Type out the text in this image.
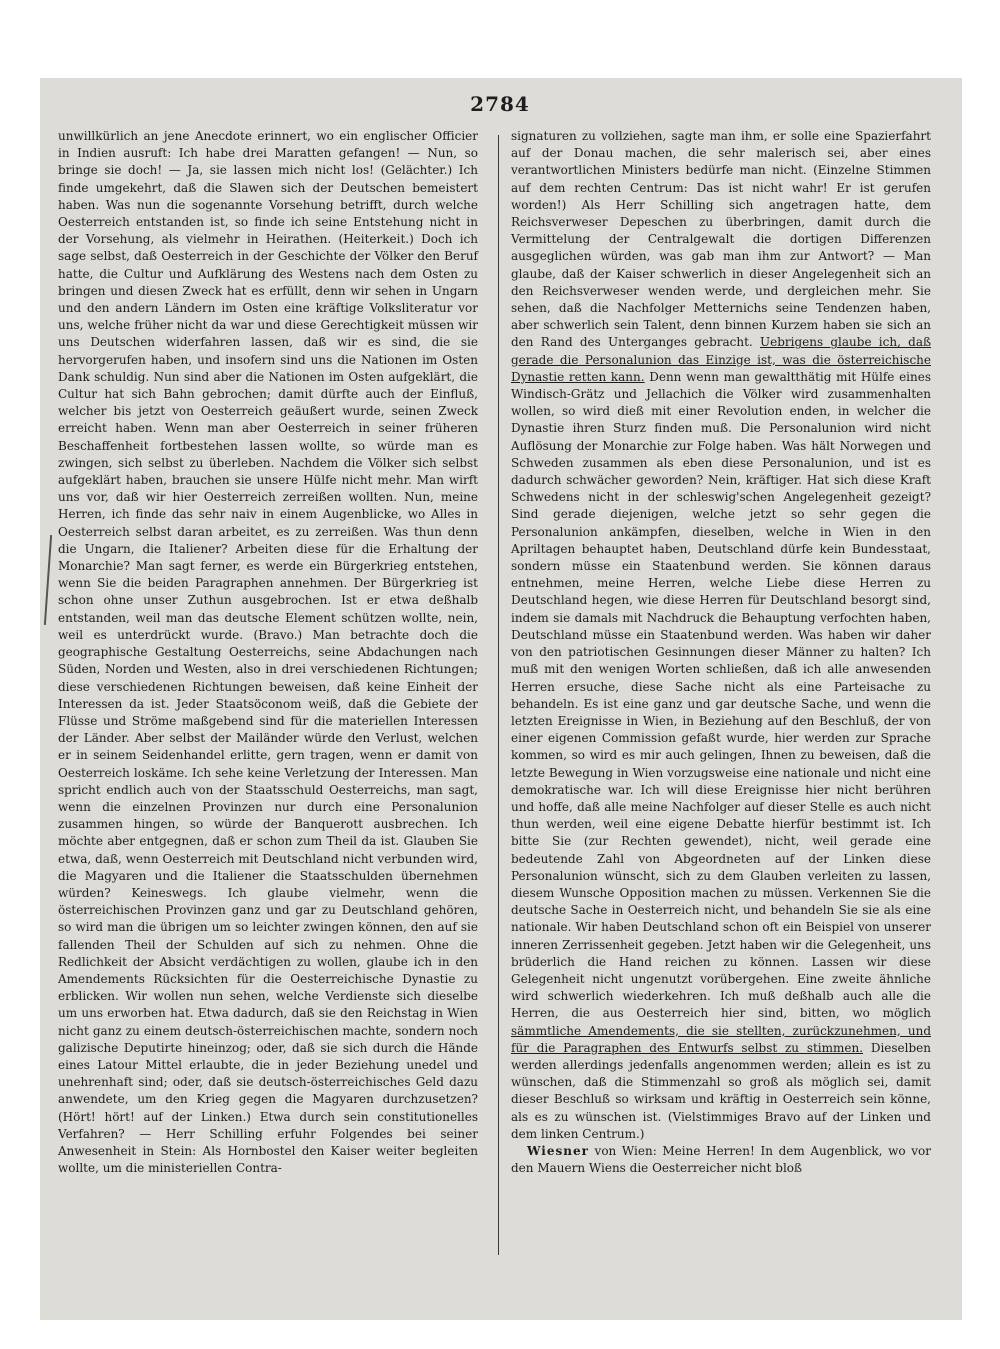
2784

unwillkürlich an jene Anecdote erinnert, wo ein englischer Officier in Indien ausruft: Ich habe drei Maratten gefangen! — Nun, so bringe sie doch! — Ja, sie lassen mich nicht los! (Gelächter.) Ich finde umgekehrt, daß die Slawen sich der Deutschen bemeistert haben. Was nun die sogenannte Vorsehung betrifft, durch welche Oesterreich entstanden ist, so finde ich seine Entstehung nicht in der Vorsehung, als vielmehr in Heirathen. (Heiterkeit.) Doch ich sage selbst, daß Oesterreich in der Geschichte der Völker den Beruf hatte, die Cultur und Aufklärung des Westens nach dem Osten zu bringen und diesen Zweck hat es erfüllt, denn wir sehen in Ungarn und den andern Ländern im Osten eine kräftige Volksliteratur vor uns, welche früher nicht da war und diese Gerechtigkeit müssen wir uns Deutschen widerfahren lassen, daß wir es sind, die sie hervorgerufen haben, und insofern sind uns die Nationen im Osten Dank schuldig. Nun sind aber die Nationen im Osten aufgeklärt, die Cultur hat sich Bahn gebrochen; damit dürfte auch der Einfluß, welcher bis jetzt von Oesterreich geäußert wurde, seinen Zweck erreicht haben. Wenn man aber Oesterreich in seiner früheren Beschaffenheit fortbestehen lassen wollte, so würde man es zwingen, sich selbst zu überleben. Nachdem die Völker sich selbst aufgeklärt haben, brauchen sie unsere Hülfe nicht mehr. Man wirft uns vor, daß wir hier Oesterreich zerreißen wollten. Nun, meine Herren, ich finde das sehr naiv in einem Augenblicke, wo Alles in Oesterreich selbst daran arbeitet, es zu zerreißen. Was thun denn die Ungarn, die Italiener? Arbeiten diese für die Erhaltung der Monarchie? Man sagt ferner, es werde ein Bürgerkrieg entstehen, wenn Sie die beiden Paragraphen annehmen. Der Bürgerkrieg ist schon ohne unser Zuthun ausgebrochen. Ist er etwa deßhalb entstanden, weil man das deutsche Element schützen wollte, nein, weil es unterdrückt wurde. (Bravo.) Man betrachte doch die geographische Gestaltung Oesterreichs, seine Abdachungen nach Süden, Norden und Westen, also in drei verschiedenen Richtungen; diese verschiedenen Richtungen beweisen, daß keine Einheit der Interessen da ist. Jeder Staatsöconom weiß, daß die Gebiete der Flüsse und Ströme maßgebend sind für die materiellen Interessen der Länder. Aber selbst der Mailänder würde den Verlust, welchen er in seinem Seidenhandel erlitte, gern tragen, wenn er damit von Oesterreich loskäme. Ich sehe keine Verletzung der Interessen. Man spricht endlich auch von der Staatsschuld Oesterreichs, man sagt, wenn die einzelnen Provinzen nur durch eine Personalunion zusammen hingen, so würde der Banquerott ausbrechen. Ich möchte aber entgegnen, daß er schon zum Theil da ist. Glauben Sie etwa, daß, wenn Oesterreich mit Deutschland nicht verbunden wird, die Magyaren und die Italiener die Staatsschulden übernehmen würden? Keineswegs. Ich glaube vielmehr, wenn die österreichischen Provinzen ganz und gar zu Deutschland gehören, so wird man die übrigen um so leichter zwingen können, den auf sie fallenden Theil der Schulden auf sich zu nehmen. Ohne die Redlichkeit der Absicht verdächtigen zu wollen, glaube ich in den Amendements Rücksichten für die Oesterreichische Dynastie zu erblicken. Wir wollen nun sehen, welche Verdienste sich dieselbe um uns erworben hat. Etwa dadurch, daß sie den Reichstag in Wien nicht ganz zu einem deutsch-österreichischen machte, sondern noch galizische Deputirte hineinzog; oder, daß sie sich durch die Hände eines Latour Mittel erlaubte, die in jeder Beziehung unedel und unehrenhaft sind; oder, daß sie deutsch-österreichisches Geld dazu anwendete, um den Krieg gegen die Magyaren durchzusetzen? (Hört! hört! auf der Linken.) Etwa durch sein constitutionelles Verfahren? — Herr Schilling erfuhr Folgendes bei seiner Anwesenheit in Stein: Als Hornbostel den Kaiser weiter begleiten wollte, um die ministeriellen Contra-

signaturen zu vollziehen, sagte man ihm, er solle eine Spazierfahrt auf der Donau machen, die sehr malerisch sei, aber eines verantwortlichen Ministers bedürfe man nicht. (Einzelne Stimmen auf dem rechten Centrum: Das ist nicht wahr! Er ist gerufen worden!) Als Herr Schilling sich angetragen hatte, dem Reichsverweser Depeschen zu überbringen, damit durch die Vermittelung der Centralgewalt die dortigen Differenzen ausgeglichen würden, was gab man ihm zur Antwort? — Man glaube, daß der Kaiser schwerlich in dieser Angelegenheit sich an den Reichsverweser wenden werde, und dergleichen mehr. Sie sehen, daß die Nachfolger Metternichs seine Tendenzen haben, aber schwerlich sein Talent, denn binnen Kurzem haben sie sich an den Rand des Unterganges gebracht. Uebrigens glaube ich, daß gerade die Personalunion das Einzige ist, was die österreichische Dynastie retten kann. Denn wenn man gewaltthätig mit Hülfe eines Windisch-Grätz und Jellachich die Völker wird zusammenhalten wollen, so wird dieß mit einer Revolution enden, in welcher die Dynastie ihren Sturz finden muß. Die Personalunion wird nicht Auflösung der Monarchie zur Folge haben. Was hält Norwegen und Schweden zusammen als eben diese Personalunion, und ist es dadurch schwächer geworden? Nein, kräftiger. Hat sich diese Kraft Schwedens nicht in der schleswig'schen Angelegenheit gezeigt? Sind gerade diejenigen, welche jetzt so sehr gegen die Personalunion ankämpfen, dieselben, welche in Wien in den Apriltagen behauptet haben, Deutschland dürfe kein Bundesstaat, sondern müsse ein Staatenbund werden. Sie können daraus entnehmen, meine Herren, welche Liebe diese Herren zu Deutschland hegen, wie diese Herren für Deutschland besorgt sind, indem sie damals mit Nachdruck die Behauptung verfochten haben, Deutschland müsse ein Staatenbund werden. Was haben wir daher von den patriotischen Gesinnungen dieser Männer zu halten? Ich muß mit den wenigen Worten schließen, daß ich alle anwesenden Herren ersuche, diese Sache nicht als eine Parteisache zu behandeln. Es ist eine ganz und gar deutsche Sache, und wenn die letzten Ereignisse in Wien, in Beziehung auf den Beschluß, der von einer eigenen Commission gefaßt wurde, hier werden zur Sprache kommen, so wird es mir auch gelingen, Ihnen zu beweisen, daß die letzte Bewegung in Wien vorzugsweise eine nationale und nicht eine demokratische war. Ich will diese Ereignisse hier nicht berühren und hoffe, daß alle meine Nachfolger auf dieser Stelle es auch nicht thun werden, weil eine eigene Debatte hierfür bestimmt ist. Ich bitte Sie (zur Rechten gewendet), nicht, weil gerade eine bedeutende Zahl von Abgeordneten auf der Linken diese Personalunion wünscht, sich zu dem Glauben verleiten zu lassen, diesem Wunsche Opposition machen zu müssen. Verkennen Sie die deutsche Sache in Oesterreich nicht, und behandeln Sie sie als eine nationale. Wir haben Deutschland schon oft ein Beispiel von unserer inneren Zerrissenheit gegeben. Jetzt haben wir die Gelegenheit, uns brüderlich die Hand reichen zu können. Lassen wir diese Gelegenheit nicht ungenutzt vorübergehen. Eine zweite ähnliche wird schwerlich wiederkehren. Ich muß deßhalb auch alle die Herren, die aus Oesterreich hier sind, bitten, wo möglich sämmtliche Amendements, die sie stellten, zurückzunehmen, und für die Paragraphen des Entwurfs selbst zu stimmen. Dieselben werden allerdings jedenfalls angenommen werden; allein es ist zu wünschen, daß die Stimmenzahl so groß als möglich sei, damit dieser Beschluß so wirksam und kräftig in Oesterreich sein könne, als es zu wünschen ist. (Vielstimmiges Bravo auf der Linken und dem linken Centrum.)

Wiesner von Wien: Meine Herren! In dem Augenblick, wo vor den Mauern Wiens die Oesterreicher nicht bloß
